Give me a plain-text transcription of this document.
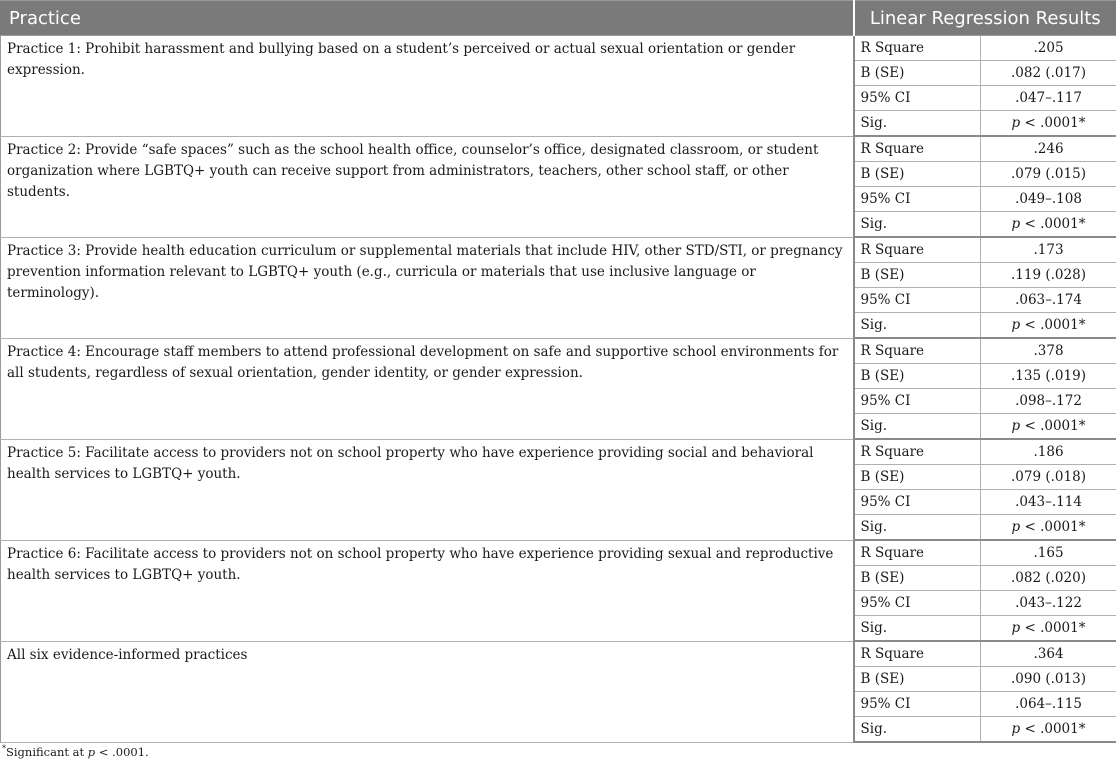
Practice	Linear Regression Results	
Practice 1: Prohibit harassment and bullying based on a student’s perceived or actual sexual orientation or gender expression.	R Square	.205
	B (SE)	.082 (.017)
	95% CI	.047–.117
	Sig.	p < .0001*
Practice 2: Provide “safe spaces” such as the school health office, counselor’s office, designated classroom, or student organization where LGBTQ+ youth can receive support from administrators, teachers, other school staff, or other students.	R Square	.246
	B (SE)	.079 (.015)
	95% CI	.049–.108
	Sig.	p < .0001*
Practice 3: Provide health education curriculum or supplemental materials that include HIV, other STD/STI, or pregnancy prevention information relevant to LGBTQ+ youth (e.g., curricula or materials that use inclusive language or terminology).	R Square	.173
	B (SE)	.119 (.028)
	95% CI	.063–.174
	Sig.	p < .0001*
Practice 4: Encourage staff members to attend professional development on safe and supportive school environments for all students, regardless of sexual orientation, gender identity, or gender expression.	R Square	.378
	B (SE)	.135 (.019)
	95% CI	.098–.172
	Sig.	p < .0001*
Practice 5: Facilitate access to providers not on school property who have experience providing social and behavioral health services to LGBTQ+ youth.	R Square	.186
	B (SE)	.079 (.018)
	95% CI	.043–.114
	Sig.	p < .0001*
Practice 6: Facilitate access to providers not on school property who have experience providing sexual and reproductive health services to LGBTQ+ youth.	R Square	.165
	B (SE)	.082 (.020)
	95% CI	.043–.122
	Sig.	p < .0001*
All six evidence-informed practices	R Square	.364
	B (SE)	.090 (.013)
	95% CI	.064–.115
	Sig.	p < .0001*
*Significant at p < .0001.
